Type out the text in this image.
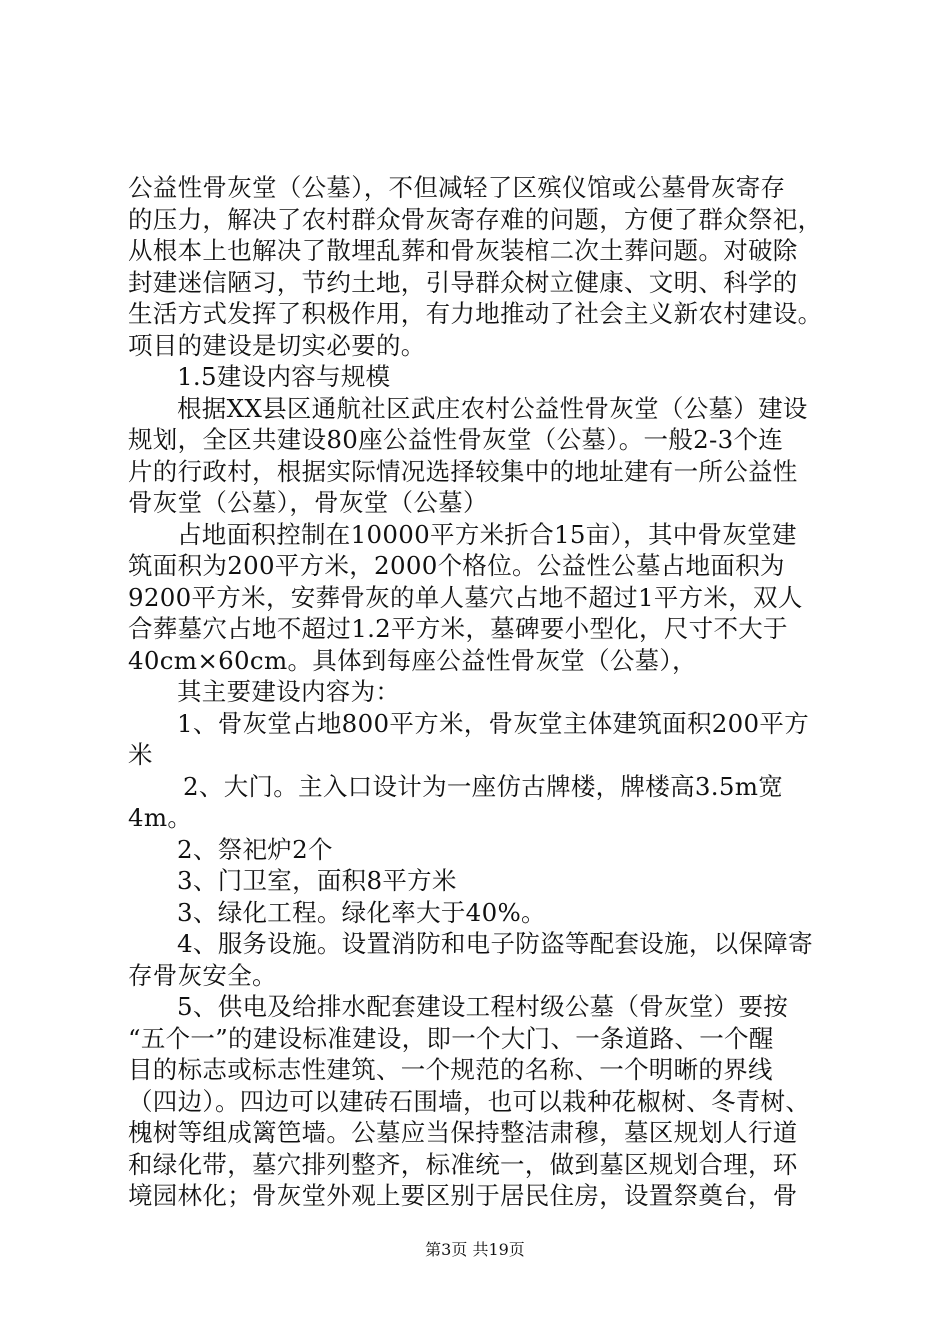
公益性骨灰堂（公墓），不但减轻了区殡仪馆或公墓骨灰寄存
的压力，解决了农村群众骨灰寄存难的问题，方便了群众祭祀，
从根本上也解决了散埋乱葬和骨灰装棺二次土葬问题。对破除
封建迷信陋习，节约土地，引导群众树立健康、文明、科学的
生活方式发挥了积极作用，有力地推动了社会主义新农村建设。
项目的建设是切实必要的。
1.5建设内容与规模
根据XX县区通航社区武庄农村公益性骨灰堂（公墓）建设
规划，全区共建设80座公益性骨灰堂（公墓）。一般2-3个连
片的行政村，根据实际情况选择较集中的地址建有一所公益性
骨灰堂（公墓），骨灰堂（公墓）
占地面积控制在10000平方米折合15亩），其中骨灰堂建
筑面积为200平方米，2000个格位。公益性公墓占地面积为
9200平方米，安葬骨灰的单人墓穴占地不超过1平方米，双人
合葬墓穴占地不超过1.2平方米，墓碑要小型化，尺寸不大于
40cm×60cm。具体到每座公益性骨灰堂（公墓），
其主要建设内容为：
1、骨灰堂占地800平方米，骨灰堂主体建筑面积200平方
米
2、大门。主入口设计为一座仿古牌楼，牌楼高3.5m宽
4m。
2、祭祀炉2个
3、门卫室，面积8平方米
3、绿化工程。绿化率大于40%。
4、服务设施。设置消防和电子防盗等配套设施，以保障寄
存骨灰安全。
5、供电及给排水配套建设工程村级公墓（骨灰堂）要按
“五个一”的建设标准建设，即一个大门、一条道路、一个醒
目的标志或标志性建筑、一个规范的名称、一个明晰的界线
（四边）。四边可以建砖石围墙，也可以栽种花椒树、冬青树、
槐树等组成篱笆墙。公墓应当保持整洁肃穆，墓区规划人行道
和绿化带，墓穴排列整齐，标准统一，做到墓区规划合理，环
境园林化；骨灰堂外观上要区别于居民住房，设置祭奠台，骨
第3页 共19页
